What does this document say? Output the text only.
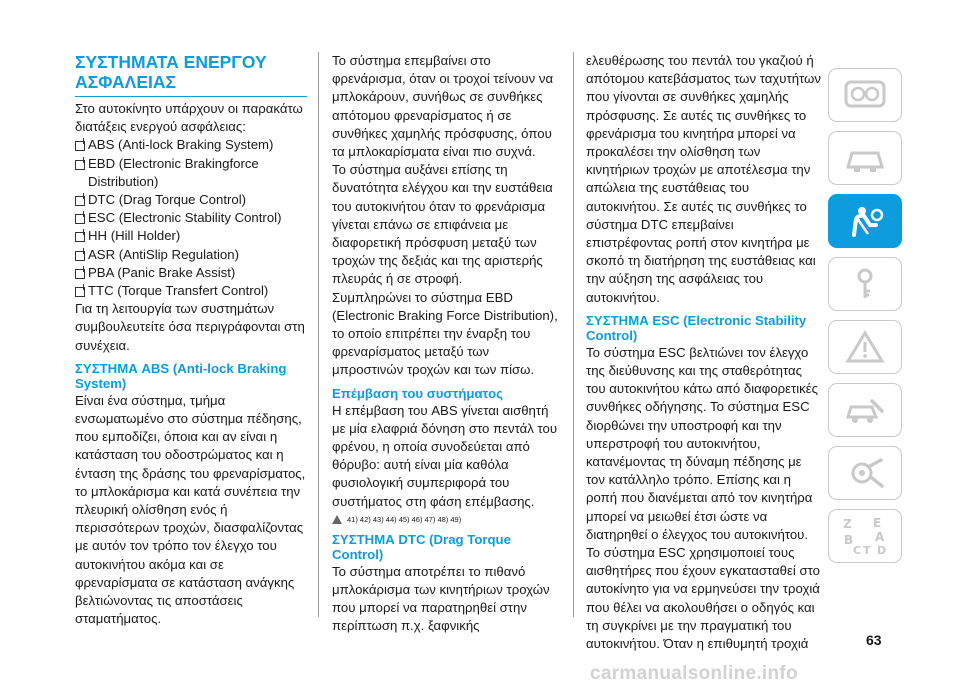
ΣΥΣΤΗΜΑΤΑ ΕΝΕΡΓΟΥ ΑΣΦΑΛΕΙΑΣ

Στο αυτοκίνητο υπάρχουν οι παρακάτω διατάξεις ενεργού ασφάλειας:

ABS (Anti-lock Braking System)
EBD (Electronic Brakingforce Distribution)
DTC (Drag Torque Control)
ESC (Electronic Stability Control)
HH (Hill Holder)
ASR (AntiSlip Regulation)
PBA (Panic Brake Assist)
TTC (Torque Transfert Control)

Για τη λειτουργία των συστημάτων συμβουλευτείτε όσα περιγράφονται στη συνέχεια.

ΣΥΣΤΗΜΑ ABS (Anti-lock Braking System)

Είναι ένα σύστημα, τμήμα ενσωματωμένο στο σύστημα πέδησης, που εμποδίζει, όποια και αν είναι η κατάσταση του οδοστρώματος και η ένταση της δράσης του φρεναρίσματος, το μπλοκάρισμα και κατά συνέπεια την πλευρική ολίσθηση ενός ή περισσότερων τροχών, διασφαλίζοντας με αυτόν τον τρόπο τον έλεγχο του αυτοκινήτου ακόμα και σε φρεναρίσματα σε κατάσταση ανάγκης βελτιώνοντας τις αποστάσεις σταματήματος.

Το σύστημα επεμβαίνει στο φρενάρισμα, όταν οι τροχοί τείνουν να μπλοκάρουν, συνήθως σε συνθήκες απότομου φρεναρίσματος ή σε συνθήκες χαμηλής πρόσφυσης, όπου τα μπλοκαρίσματα είναι πιο συχνά.

Το σύστημα αυξάνει επίσης τη δυνατότητα ελέγχου και την ευστάθεια του αυτοκινήτου όταν το φρενάρισμα γίνεται επάνω σε επιφάνεια με διαφορετική πρόσφυση μεταξύ των τροχών της δεξιάς και της αριστερής πλευράς ή σε στροφή.

Συμπληρώνει το σύστημα EBD (Electronic Braking Force Distribution), το οποίο επιτρέπει την έναρξη του φρεναρίσματος μεταξύ των μπροστινών τροχών και των πίσω.

Επέμβαση του συστήματος

Η επέμβαση του ABS γίνεται αισθητή με μία ελαφριά δόνηση στο πεντάλ του φρένου, η οποία συνοδεύεται από θόρυβο: αυτή είναι μία καθόλα φυσιολογική συμπεριφορά του συστήματος στη φάση επέμβασης.

41) 42) 43) 44) 45) 46) 47) 48) 49)
ΣΥΣΤΗΜΑ DTC (Drag Torque Control)

Το σύστημα αποτρέπει το πιθανό μπλοκάρισμα των κινητήριων τροχών που μπορεί να παρατηρηθεί στην περίπτωση π.χ. ξαφνικής

ελευθέρωσης του πεντάλ του γκαζιού ή απότομου κατεβάσματος των ταχυτήτων που γίνονται σε συνθήκες χαμηλής πρόσφυσης. Σε αυτές τις συνθήκες το φρενάρισμα του κινητήρα μπορεί να προκαλέσει την ολίσθηση των κινητήριων τροχών με αποτέλεσμα την απώλεια της ευστάθειας του αυτοκινήτου. Σε αυτές τις συνθήκες το σύστημα DTC επεμβαίνει επιστρέφοντας ροπή στον κινητήρα με σκοπό τη διατήρηση της ευστάθειας και την αύξηση της ασφάλειας του αυτοκινήτου.

ΣΥΣΤΗΜΑ ESC (Electronic Stability Control)

Το σύστημα ESC βελτιώνει τον έλεγχο της διεύθυνσης και της σταθερότητας του αυτοκινήτου κάτω από διαφορετικές συνθήκες οδήγησης. Το σύστημα ESC διορθώνει την υποστροφή και την υπερστροφή του αυτοκινήτου, κατανέμοντας τη δύναμη πέδησης με τον κατάλληλο τρόπο. Επίσης και η ροπή που διανέμεται από τον κινητήρα μπορεί να μειωθεί έτσι ώστε να διατηρηθεί ο έλεγχος του αυτοκινήτου. Το σύστημα ESC χρησιμοποιεί τους αισθητήρες που έχουν εγκατασταθεί στο αυτοκίνητο για να ερμηνεύσει την τροχιά που θέλει να ακολουθήσει ο οδηγός και τη συγκρίνει με την πραγματική του αυτοκινήτου. Όταν η επιθυμητή τροχιά

Z E
B A
C T D
63
carmanualsonline.info
